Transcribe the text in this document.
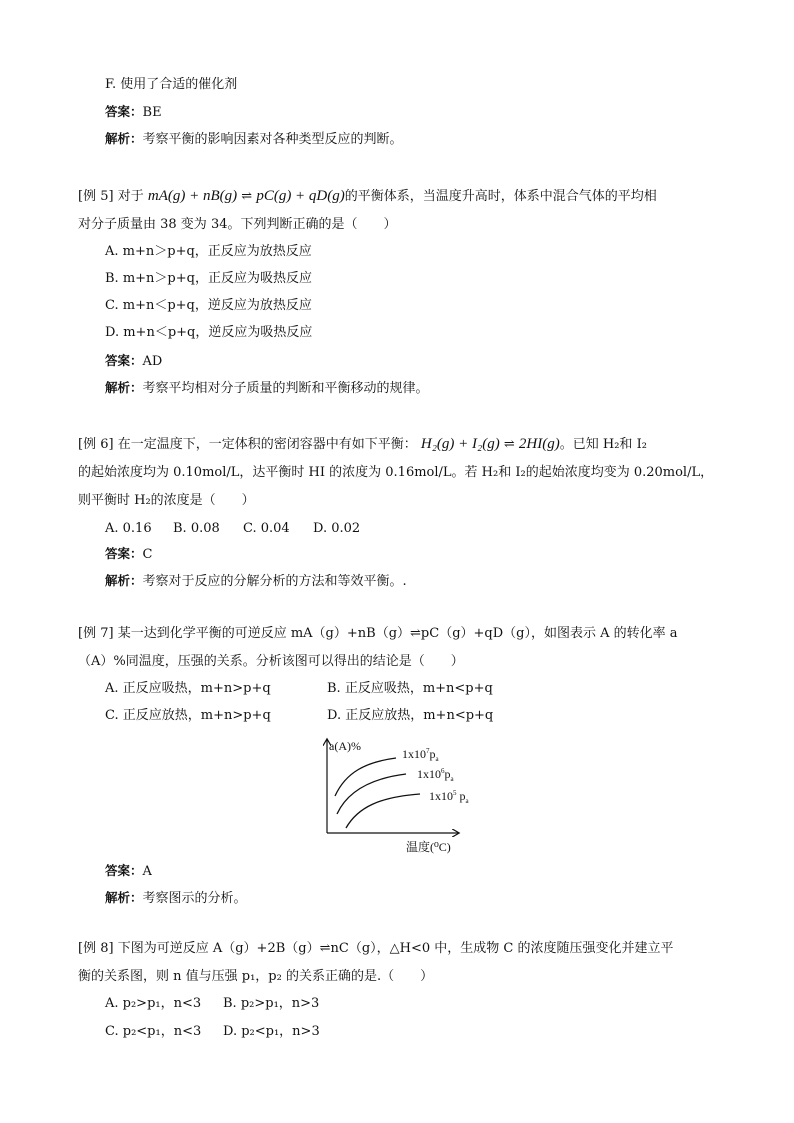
F. 使用了合适的催化剂
答案：BE
解析：考察平衡的影响因素对各种类型反应的判断。
[例 5] 对于 mA(g) + nB(g) ⇌ pC(g) + qD(g)的平衡体系，当温度升高时，体系中混合气体的平均相
对分子质量由 38 变为 34。下列判断正确的是（　　）
A. m+n＞p+q，正反应为放热反应
B. m+n＞p+q，正反应为吸热反应
C. m+n＜p+q，逆反应为放热反应
D. m+n＜p+q，逆反应为吸热反应
答案：AD
解析：考察平均相对分子质量的判断和平衡移动的规律。
[例 6] 在一定温度下，一定体积的密闭容器中有如下平衡： H₂(g) + I₂(g) ⇌ 2HI(g)。已知 H₂和 I₂
的起始浓度均为 0.10mol/L，达平衡时 HI 的浓度为 0.16mol/L。若 H₂和 I₂的起始浓度均变为 0.20mol/L，
则平衡时 H₂的浓度是（　　）
A. 0.16 B. 0.08 C. 0.04 D. 0.02
答案：C
解析：考察对于反应的分解分析的方法和等效平衡。.
[例 7] 某一达到化学平衡的可逆反应 mA（g）+nB（g）⇌pC（g）+qD（g），如图表示 A 的转化率 a
（A）%同温度，压强的关系。分析该图可以得出的结论是（　　）
A. 正反应吸热，m+n>p+q	B. 正反应吸热，m+n<p+q
C. 正反应放热，m+n>p+q	D. 正反应放热，m+n<p+q
a(A)%
$1x10^7p_a$
$1x10^6p_a$
$1x10^5$ $p_a$
温度(⁰C)
答案：A
解析：考察图示的分析。
[例 8] 下图为可逆反应 A（g）+2B（g）⇌nC（g），△H<0 中，生成物 C 的浓度随压强变化并建立平
衡的关系图，则 n 值与压强 p₁，p₂ 的关系正确的是.（　　）
A. p₂>p₁，n<3 B. p₂>p₁，n>3
C. p₂<p₁，n<3 D. p₂<p₁，n>3
